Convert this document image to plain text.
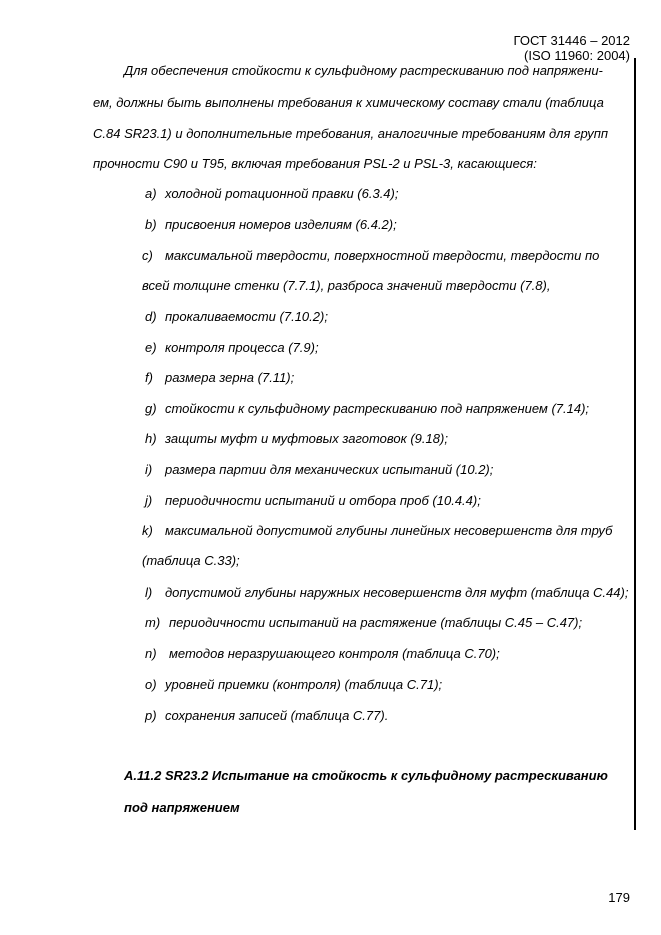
ГОСТ 31446 – 2012
(ISO 11960: 2004)
Для обеспечения стойкости к сульфидному растрескиванию под напряжени-
ем, должны быть выполнены требования к химическому составу стали (таблица
C.84 SR23.1) и дополнительные требования, аналогичные требованиям для групп
прочности C90 и T95, включая требования PSL-2 и PSL-3, касающиеся:
a) холодной ротационной правки (6.3.4);
b) присвоения номеров изделиям (6.4.2);
c) максимальной твердости, поверхностной твердости, твердости по
всей толщине стенки (7.7.1), разброса значений твердости (7.8),
d) прокаливаемости (7.10.2);
e) контроля процесса (7.9);
f) размера зерна (7.11);
g) стойкости к сульфидному растрескиванию под напряжением (7.14);
h) защиты муфт и муфтовых заготовок (9.18);
i) размера партии для механических испытаний (10.2);
j) периодичности испытаний и отбора проб (10.4.4);
k) максимальной допустимой глубины линейных несовершенств для труб
(таблица C.33);
l) допустимой глубины наружных несовершенств для муфт (таблица C.44);
m) периодичности испытаний на растяжение (таблицы C.45 – C.47);
n) методов неразрушающего контроля (таблица C.70);
o) уровней приемки (контроля) (таблица C.71);
p) сохранения записей (таблица C.77).
A.11.2 SR23.2 Испытание на стойкость к сульфидному растрескиванию
под напряжением
179
